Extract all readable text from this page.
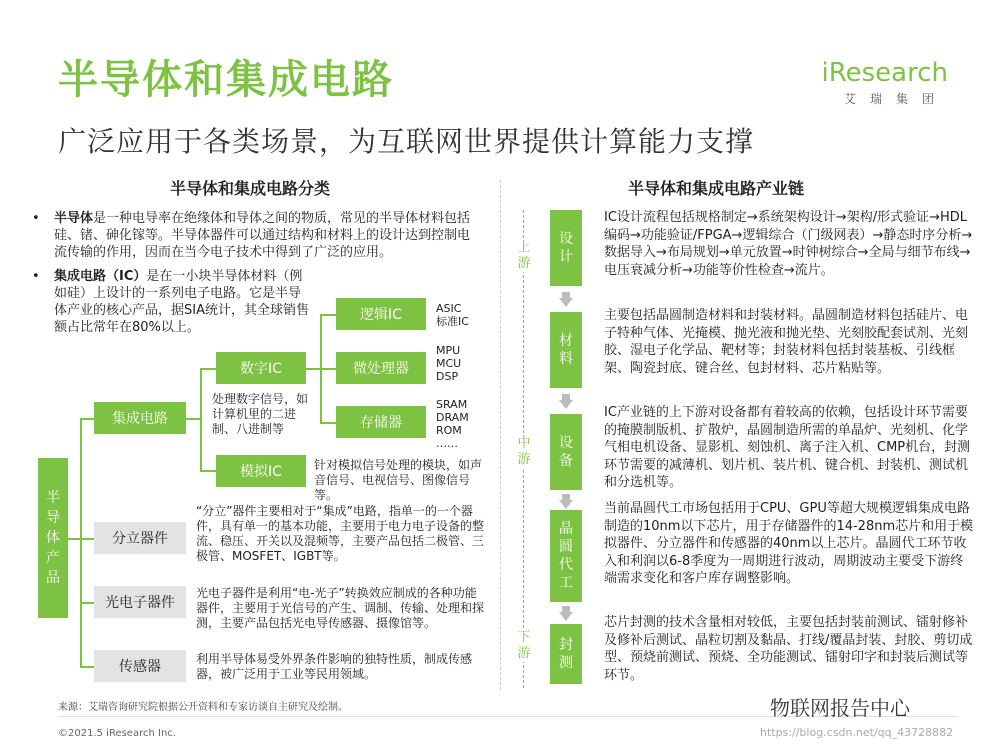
半导体和集成电路
广泛应用于各类场景，为互联网世界提供计算能力支撑
iResearch
艾瑞集团
半导体和集成电路分类
• 半导体是一种电导率在绝缘体和导体之间的物质，常见的半导体材料包括硅、锗、砷化镓等。半导体器件可以通过结构和材料上的设计达到控制电流传输的作用，因而在当今电子技术中得到了广泛的应用。
• 集成电路（IC）是在一小块半导体材料（例如硅）上设计的一系列电子电路。它是半导体产业的核心产品，据SIA统计，其全球销售额占比常年在80%以上。
半导体产品
集成电路
分立器件
光电子器件
传感器
数字IC
模拟IC
处理数字信号，如计算机里的二进制、八进制等
针对模拟信号处理的模块，如声音信号、电视信号、图像信号等。
逻辑IC
微处理器
存储器
ASIC
标准IC
MPU
MCU
DSP
SRAM
DRAM
ROM
……
“分立”器件主要相对于“集成”电路，指单一的一个器件，具有单一的基本功能，主要用于电力电子设备的整流、稳压、开关以及混频等，主要产品包括二极管、三极管、MOSFET、IGBT等。
光电子器件是利用“电-光子”转换效应制成的各种功能器件，主要用于光信号的产生、调制、传输、处理和探测，主要产品包括光电导传感器、摄像馆等。
利用半导体易受外界条件影响的独特性质，制成传感器，被广泛用于工业等民用领域。
半导体和集成电路产业链
上游
中游
下游
设计
材料
设备
晶圆代工
封测
IC设计流程包括规格制定→系统架构设计→架构/形式验证→HDL编码→功能验证/FPGA→逻辑综合（门级网表）→静态时序分析→数据导入→布局规划→单元放置→时钟树综合→全局与细节布线→电压衰减分析→功能等价性检查→流片。
主要包括晶圆制造材料和封装材料。晶圆制造材料包括硅片、电子特种气体、光掩模、抛光液和抛光垫、光刻胶配套试剂、光刻胶、湿电子化学品、靶材等；封装材料包括封装基板、引线框架、陶瓷封底、键合丝、包封材料、芯片粘贴等。
IC产业链的上下游对设备都有着较高的依赖，包括设计环节需要的掩膜制版机、扩散炉，晶圆制造所需的单晶炉、光刻机、化学气相电机设备、显影机、刻蚀机、离子注入机、CMP机台，封测环节需要的减薄机、划片机、装片机、键合机、封装机、测试机和分选机等。
当前晶圆代工市场包括用于CPU、GPU等超大规模逻辑集成电路制造的10nm以下芯片，用于存储器件的14-28nm芯片和用于模拟器件、分立器件和传感器的40nm以上芯片。晶圆代工环节收入和利润以6-8季度为一周期进行波动，周期波动主要受下游终端需求变化和客户库存调整影响。
芯片封测的技术含量相对较低，主要包括封装前测试、镭射修补及修补后测试、晶粒切割及黏晶、打线/覆晶封装、封胶、剪切成型、预烧前测试、预烧、全功能测试、镭射印字和封装后测试等环节。
来源：艾瑞咨询研究院根据公开资料和专家访谈自主研究及绘制。
©2021.5 iResearch Inc.
物联网报告中心
https://blog.csdn.net/qq_43728882
